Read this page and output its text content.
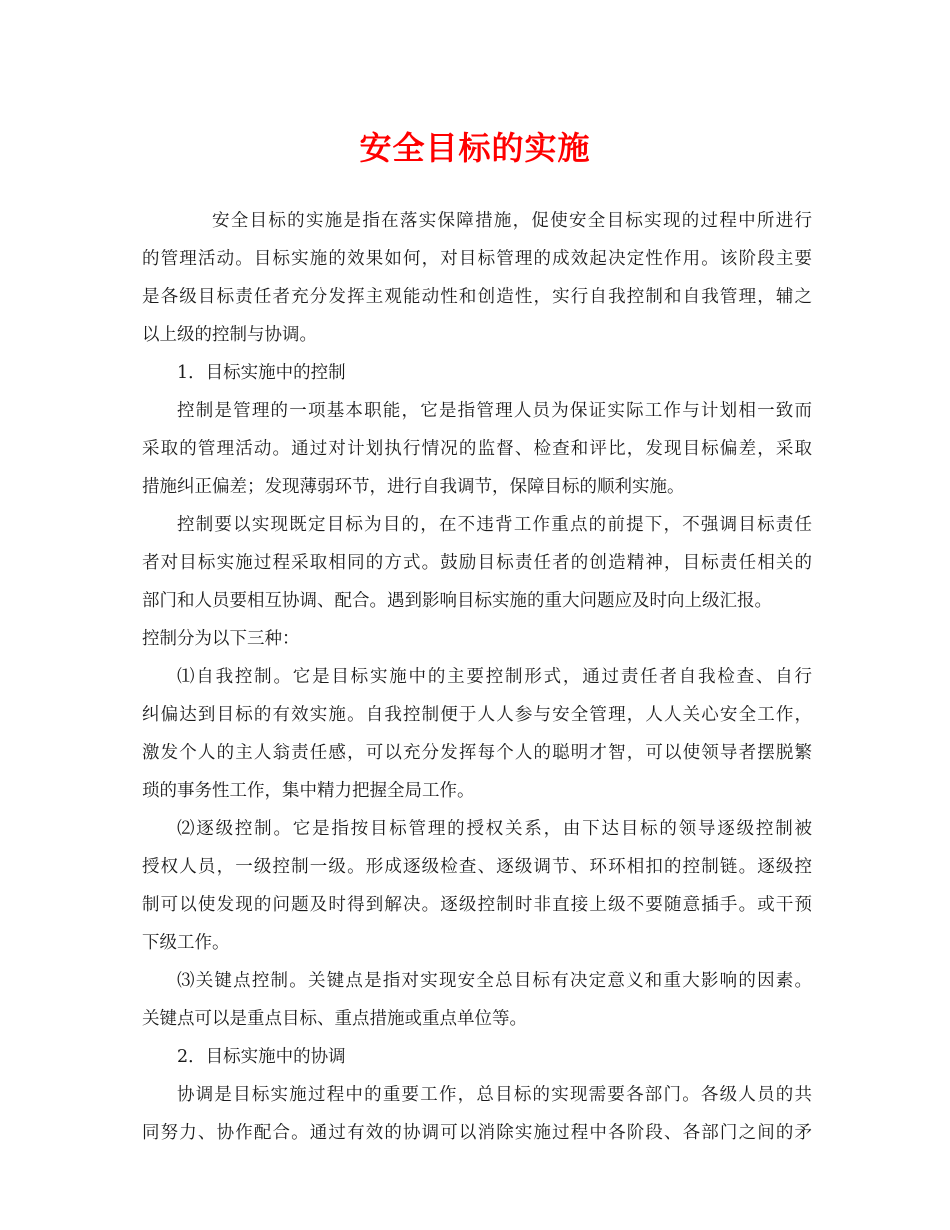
安全目标的实施
安全目标的实施是指在落实保障措施，促使安全目标实现的过程中所进行
的管理活动。目标实施的效果如何，对目标管理的成效起决定性作用。该阶段主要
是各级目标责任者充分发挥主观能动性和创造性，实行自我控制和自我管理，辅之
以上级的控制与协调。
1．目标实施中的控制
控制是管理的一项基本职能，它是指管理人员为保证实际工作与计划相一致而
采取的管理活动。通过对计划执行情况的监督、检查和评比，发现目标偏差，采取
措施纠正偏差；发现薄弱环节，进行自我调节，保障目标的顺利实施。
控制要以实现既定目标为目的，在不违背工作重点的前提下，不强调目标责任
者对目标实施过程采取相同的方式。鼓励目标责任者的创造精神，目标责任相关的
部门和人员要相互协调、配合。遇到影响目标实施的重大问题应及时向上级汇报。
控制分为以下三种：
⑴自我控制。它是目标实施中的主要控制形式，通过责任者自我检查、自行
纠偏达到目标的有效实施。自我控制便于人人参与安全管理，人人关心安全工作，
激发个人的主人翁责任感，可以充分发挥每个人的聪明才智，可以使领导者摆脱繁
琐的事务性工作，集中精力把握全局工作。
⑵逐级控制。它是指按目标管理的授权关系，由下达目标的领导逐级控制被
授权人员，一级控制一级。形成逐级检查、逐级调节、环环相扣的控制链。逐级控
制可以使发现的问题及时得到解决。逐级控制时非直接上级不要随意插手。或干预
下级工作。
⑶关键点控制。关键点是指对实现安全总目标有决定意义和重大影响的因素。
关键点可以是重点目标、重点措施或重点单位等。
2．目标实施中的协调
协调是目标实施过程中的重要工作，总目标的实现需要各部门。各级人员的共
同努力、协作配合。通过有效的协调可以消除实施过程中各阶段、各部门之间的矛
